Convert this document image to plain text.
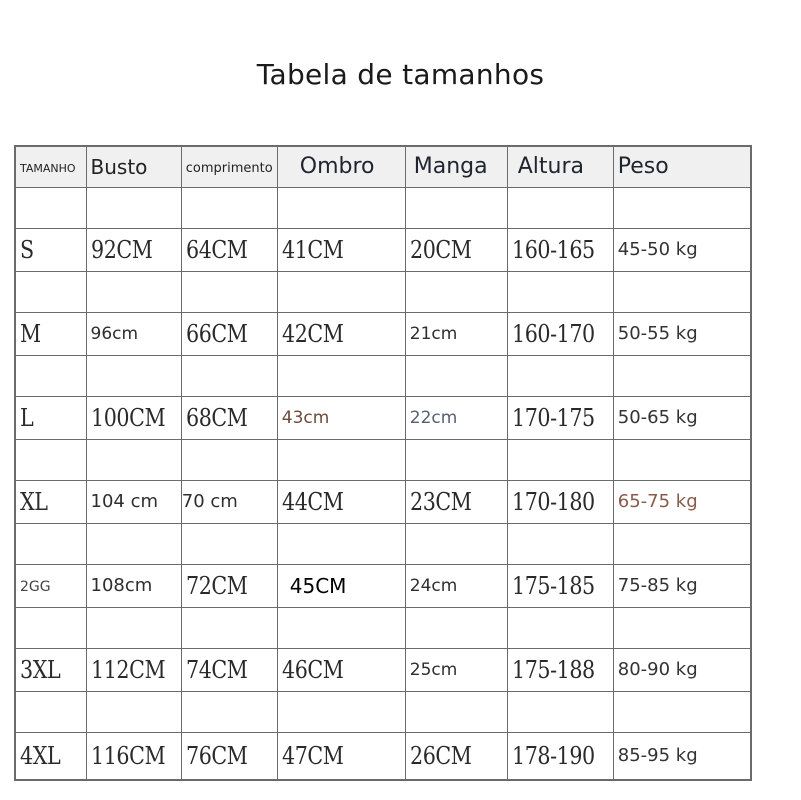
Tabela de tamanhos
TAMANHO	Busto	comprimento	Ombro	Manga	Altura	Peso

S	92CM	64CM	41CM	20CM	160-165	45-50 kg

M	96cm	66CM	42CM	21cm	160-170	50-55 kg

L	100CM	68CM	43cm	22cm	170-175	50-65 kg

XL	104 cm	70 cm	44CM	23CM	170-180	65-75 kg

2GG	108cm	72CM	45CM	24cm	175-185	75-85 kg

3XL	112CM	74CM	46CM	25cm	175-188	80-90 kg

4XL	116CM	76CM	47CM	26CM	178-190	85-95 kg
